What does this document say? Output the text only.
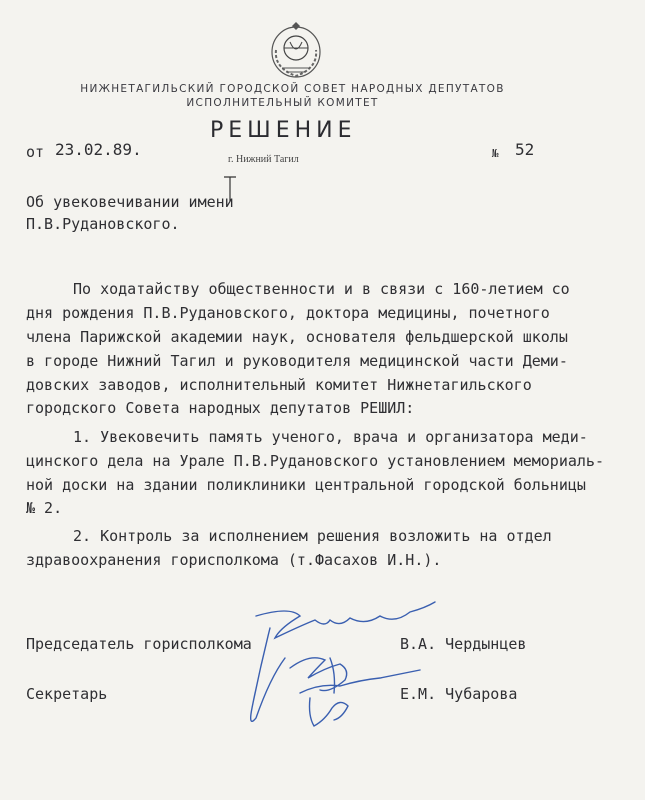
НИЖНЕТАГИЛЬСКИЙ ГОРОДСКОЙ СОВЕТ НАРОДНЫХ ДЕПУТАТОВ
ИСПОЛНИТЕЛЬНЫЙ КОМИТЕТ
РЕШЕНИЕ
от 23.02.89.
г. Нижний Тагил	№ 52
Об увековечивании имени
П.В.Рудановского.
По ходатайству общественности и в связи с 160-летием со
дня рождения П.В.Рудановского, доктора медицины, почетного
члена Парижской академии наук, основателя фельдшерской школы
в городе Нижний Тагил и руководителя медицинской части Деми-
довских заводов, исполнительный комитет Нижнетагильского
городского Совета народных депутатов РЕШИЛ:
1. Увековечить память ученого, врача и организатора меди-
цинского дела на Урале П.В.Рудановского установлением мемориаль-
ной доски на здании поликлиники центральной городской больницы
№ 2.
2. Контроль за исполнением решения возложить на отдел
здравоохранения горисполкома (т.Фасахов И.Н.).
Председатель горисполкома	В.А. Чердынцев
Секретарь	Е.М. Чубарова
